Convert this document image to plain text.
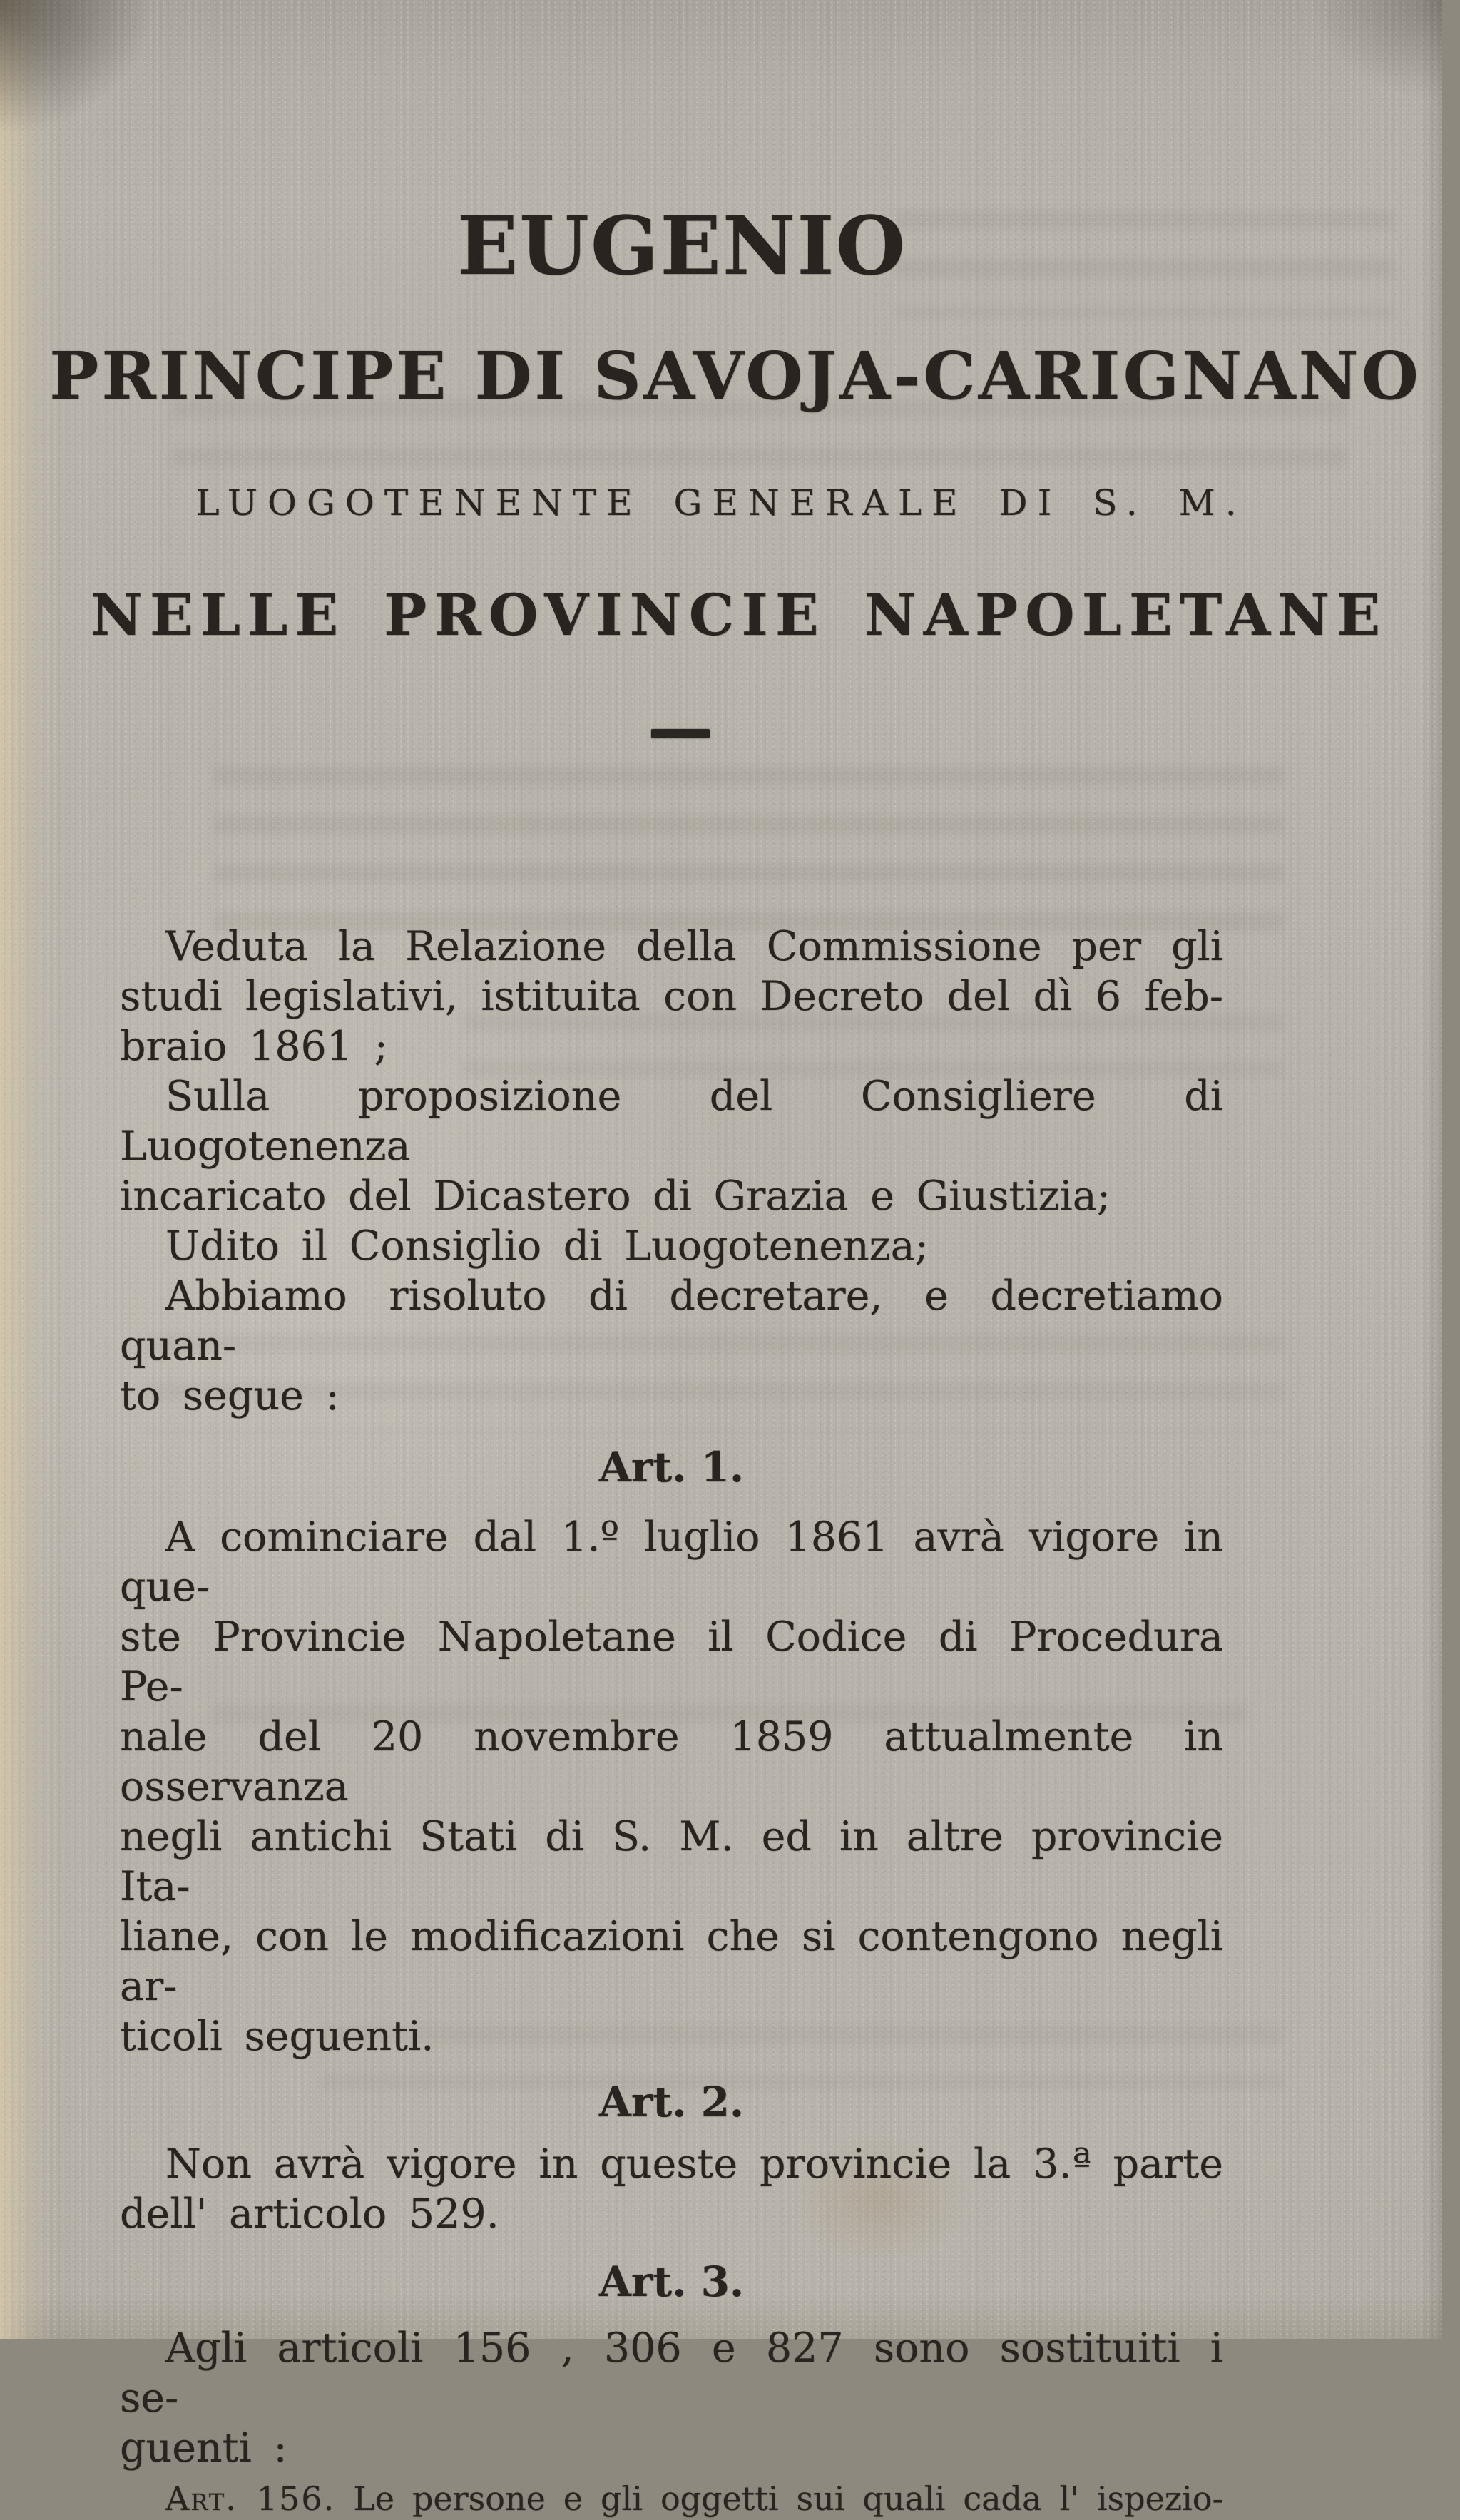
EUGENIO
PRINCIPE DI SAVOJA-CARIGNANO
LUOGOTENENTE GENERALE DI S. M.
NELLE PROVINCIE NAPOLETANE
Veduta la Relazione della Commissione per gli
studi legislativi, istituita con Decreto del dì 6 feb-
braio 1861 ;
Sulla proposizione del Consigliere di Luogotenenza
incaricato del Dicastero di Grazia e Giustizia;
Udito il Consiglio di Luogotenenza;
Abbiamo risoluto di decretare, e decretiamo quan-
to segue :
Art. 1.
A cominciare dal 1.º luglio 1861 avrà vigore in que-
ste Provincie Napoletane il Codice di Procedura Pe-
nale del 20 novembre 1859 attualmente in osservanza
negli antichi Stati di S. M. ed in altre provincie Ita-
liane, con le modificazioni che si contengono negli ar-
ticoli seguenti.
Art. 2.
Non avrà vigore in queste provincie la 3.ª parte
dell' articolo 529.
Art. 3.
Agli articoli 156 , 306 e 827 sono sostituiti i se-
guenti :
Art. 156. Le persone e gli oggetti sui quali cada l' ispezio-
